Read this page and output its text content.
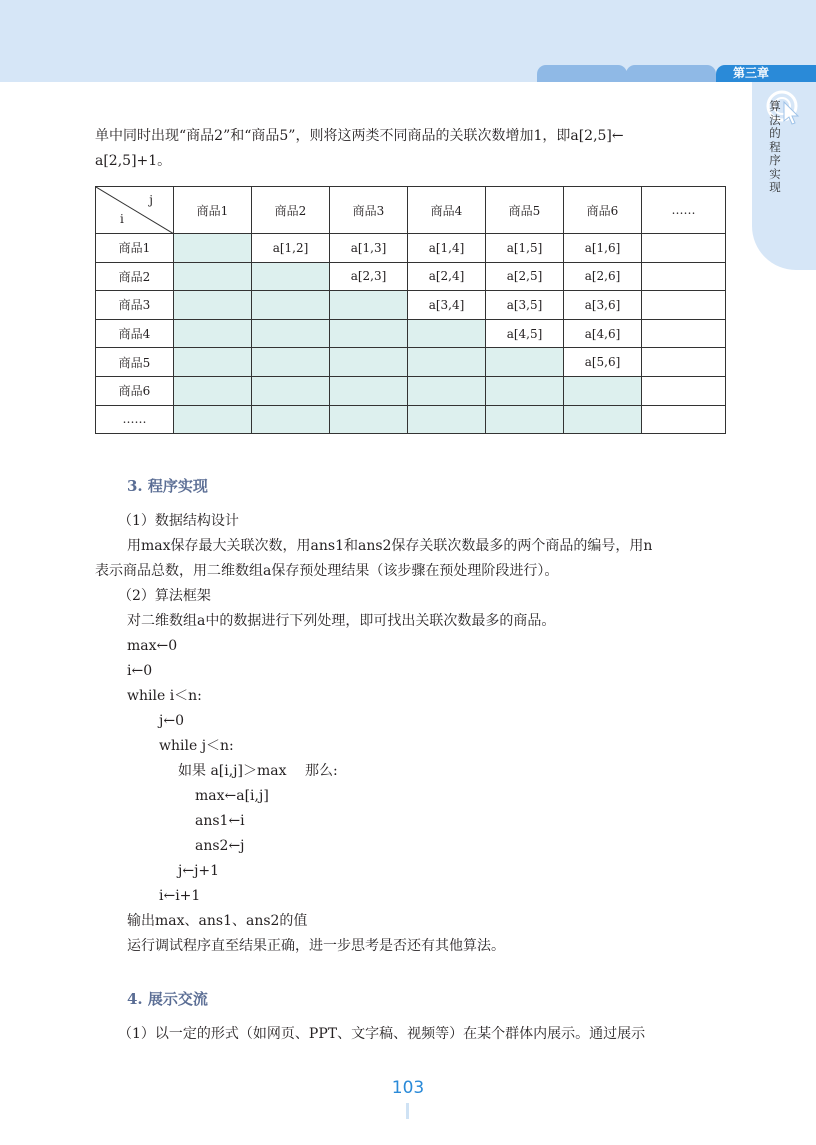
第三章
算法的程序实现
单中同时出现“商品2”和“商品5”，则将这两类不同商品的关联次数增加1，即a[2,5]←
a[2,5]+1。
j
i	商品1	商品2	商品3	商品4	商品5	商品6	……
商品1		a[1,2]	a[1,3]	a[1,4]	a[1,5]	a[1,6]	
商品2			a[2,3]	a[2,4]	a[2,5]	a[2,6]	
商品3				a[3,4]	a[3,5]	a[3,6]	
商品4					a[4,5]	a[4,6]	
商品5						a[5,6]	
商品6							
……							
3. 程序实现
（1）数据结构设计
用max保存最大关联次数，用ans1和ans2保存关联次数最多的两个商品的编号，用n
表示商品总数，用二维数组a保存预处理结果（该步骤在预处理阶段进行）。
（2）算法框架
对二维数组a中的数据进行下列处理，即可找出关联次数最多的商品。
max←0
i←0
while i＜n:
j←0
while j＜n:
如果 a[i,j]＞max　 那么:
max←a[i,j]
ans1←i
ans2←j
j←j+1
i←i+1
输出max、ans1、ans2的值
运行调试程序直至结果正确，进一步思考是否还有其他算法。
4. 展示交流
（1）以一定的形式（如网页、PPT、文字稿、视频等）在某个群体内展示。通过展示
103
